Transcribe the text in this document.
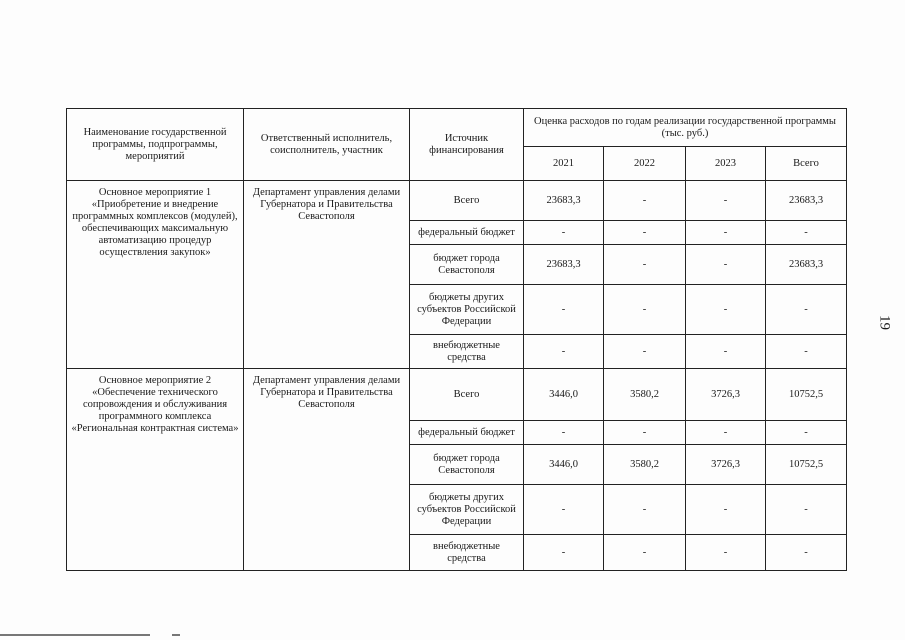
Наименование государственной программы, подпрограммы, мероприятий	Ответственный исполнитель, соисполнитель, участник	Источник финансирования	Оценка расходов по годам реализации государственной программы (тыс. руб.)			
			2021	2022	2023	Всего
Основное мероприятие 1 «Приобретение и внедрение программных комплексов (модулей), обеспечивающих максимальную автоматизацию процедур осуществления закупок»	Департамент управления делами Губернатора и Правительства Севастополя	Всего	23683,3	-	-	23683,3
		федеральный бюджет	-	-	-	-
		бюджет города Севастополя	23683,3	-	-	23683,3
		бюджеты других субъектов Российской Федерации	-	-	-	-
		внебюджетные средства	-	-	-	-
Основное мероприятие 2 «Обеспечение технического сопровождения и обслуживания программного комплекса «Региональная контрактная система»	Департамент управления делами Губернатора и Правительства Севастополя	Всего	3446,0	3580,2	3726,3	10752,5
		федеральный бюджет	-	-	-	-
		бюджет города Севастополя	3446,0	3580,2	3726,3	10752,5
		бюджеты других субъектов Российской Федерации	-	-	-	-
		внебюджетные средства	-	-	-	-
19
